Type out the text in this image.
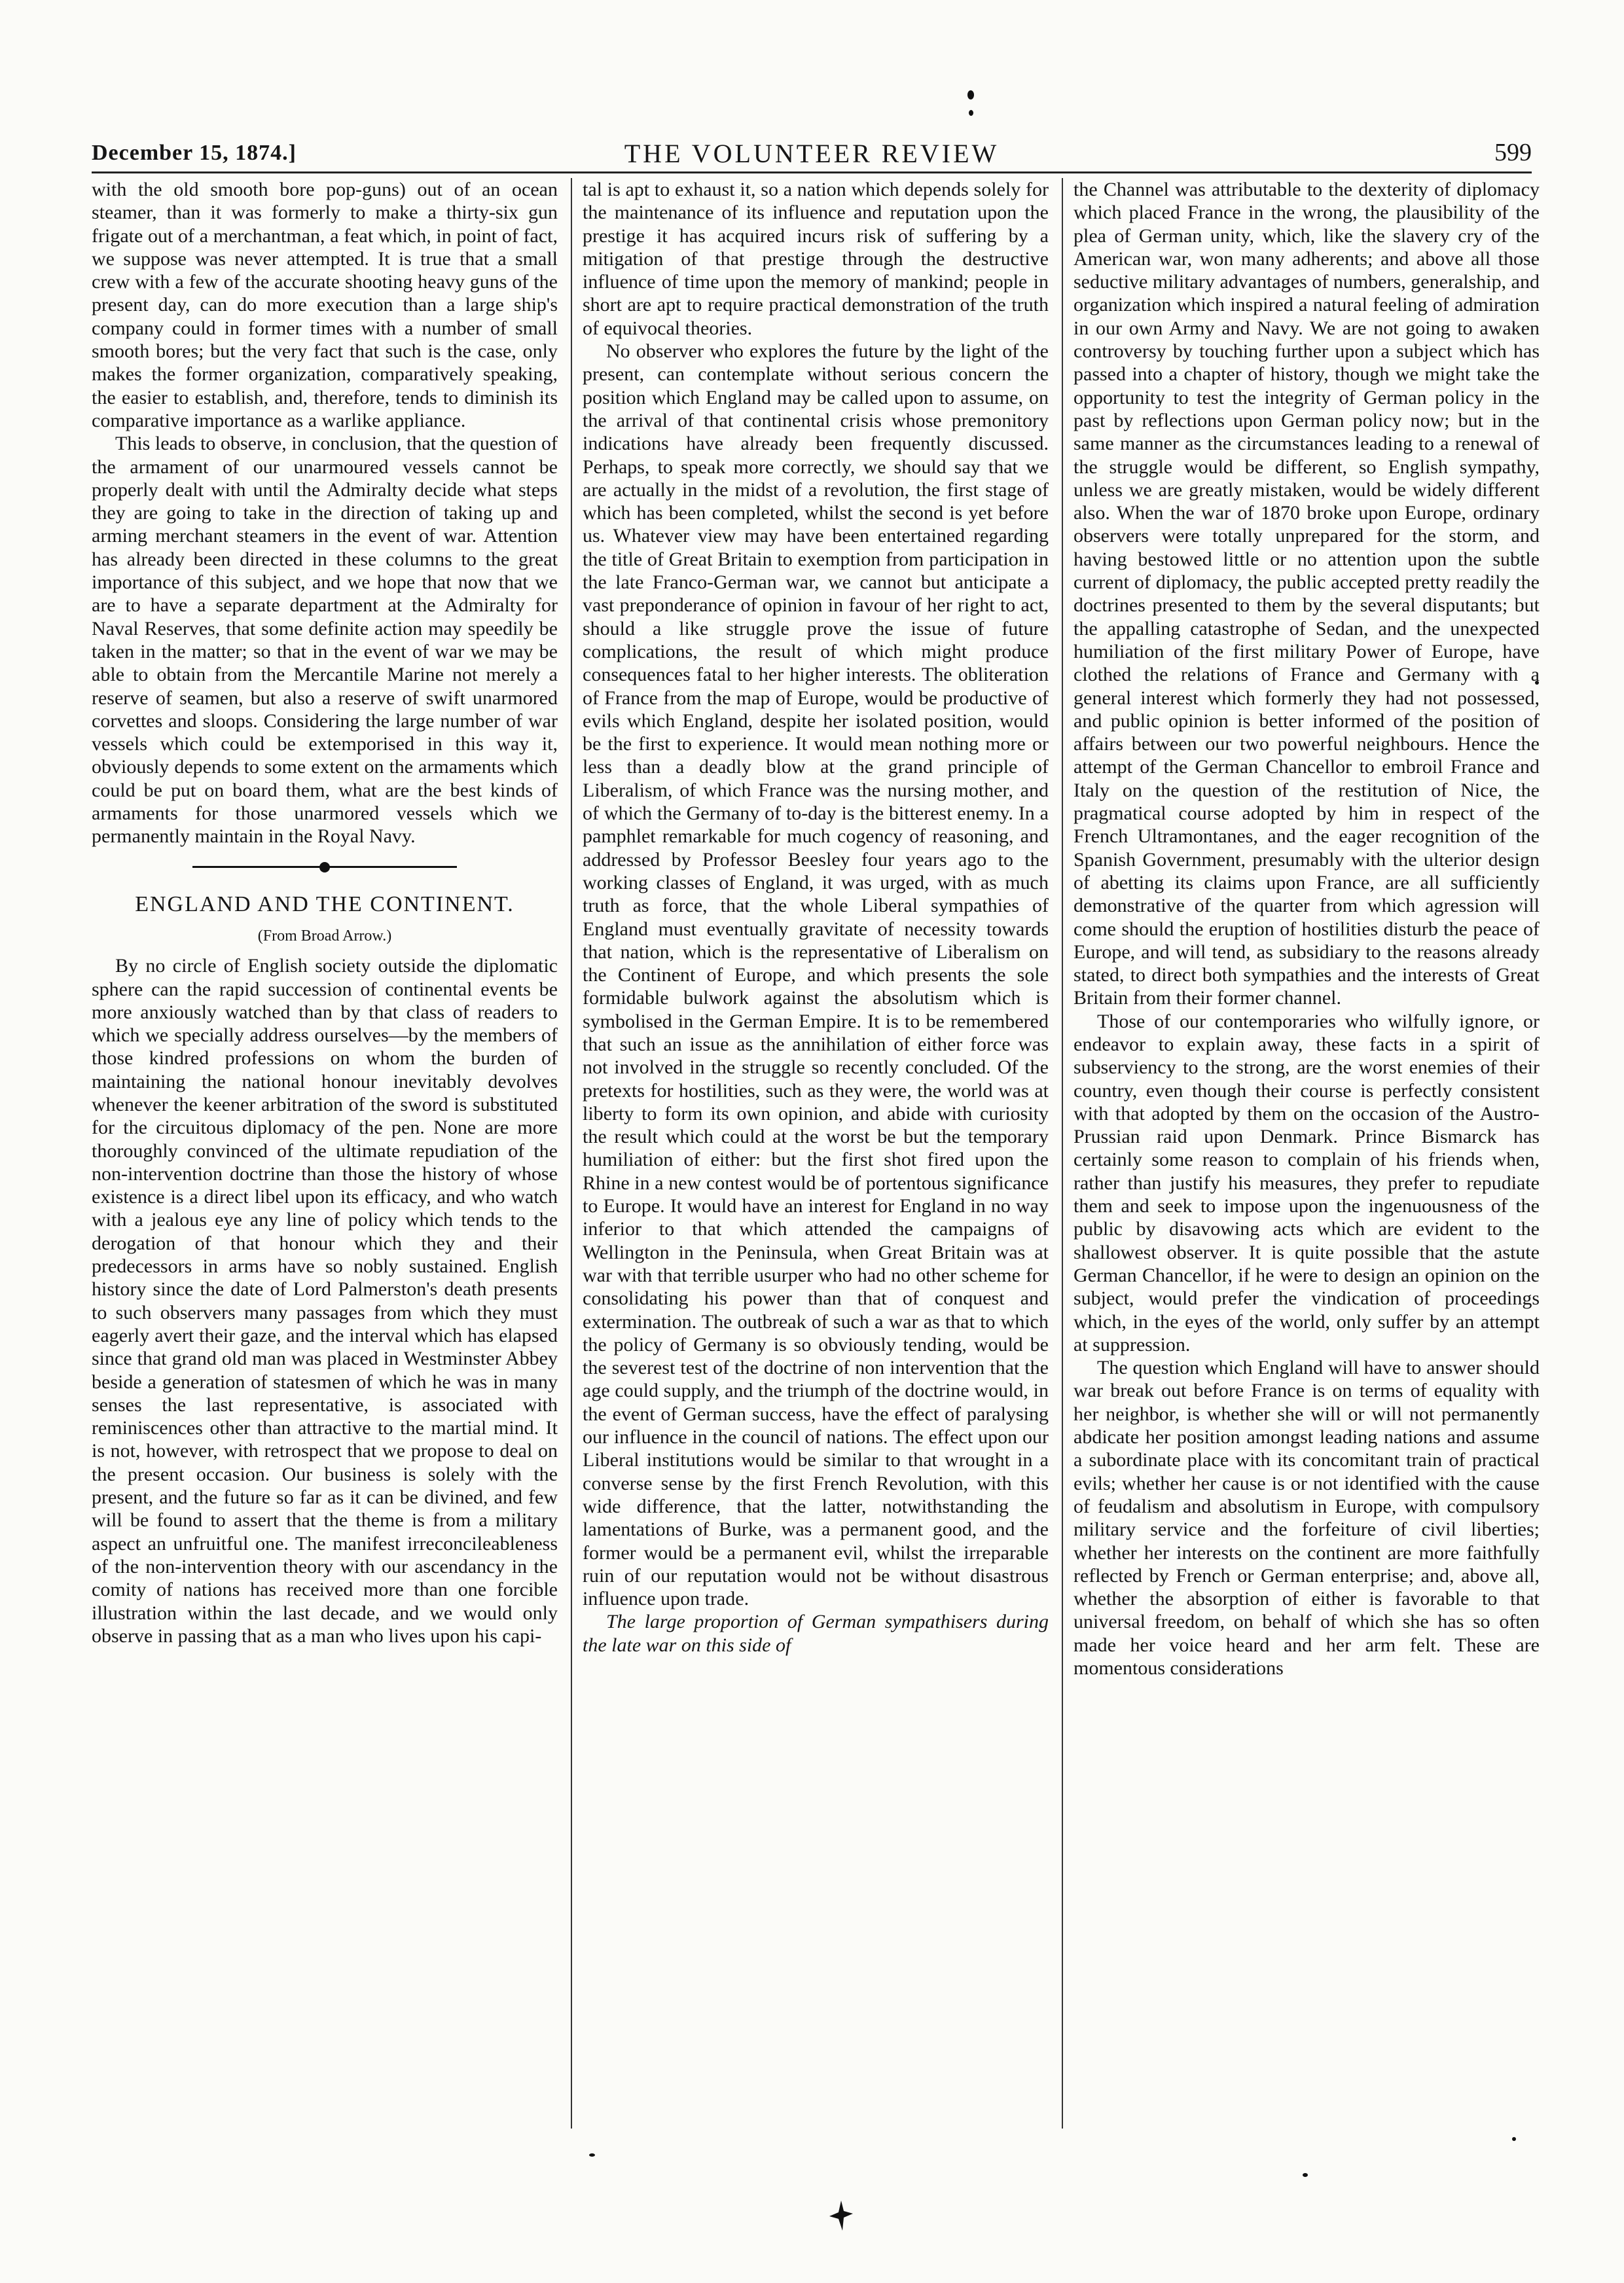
December 15, 1874.]	THE VOLUNTEER REVIEW	599

with the old smooth bore pop-guns) out of an ocean steamer, than it was formerly to make a thirty-six gun frigate out of a merchantman, a feat which, in point of fact, we suppose was never attempted. It is true that a small crew with a few of the accurate shooting heavy guns of the present day, can do more execution than a large ship's company could in former times with a number of small smooth bores; but the very fact that such is the case, only makes the former organization, comparatively speaking, the easier to establish, and, therefore, tends to diminish its comparative importance as a warlike appliance.

This leads to observe, in conclusion, that the question of the armament of our unarmoured vessels cannot be properly dealt with until the Admiralty decide what steps they are going to take in the direction of taking up and arming merchant steamers in the event of war. Attention has already been directed in these columns to the great importance of this subject, and we hope that now that we are to have a separate department at the Admiralty for Naval Reserves, that some definite action may speedily be taken in the matter; so that in the event of war we may be able to obtain from the Mercantile Marine not merely a reserve of seamen, but also a reserve of swift unarmored corvettes and sloops. Considering the large number of war vessels which could be extemporised in this way it, obviously depends to some extent on the armaments which could be put on board them, what are the best kinds of armaments for those unarmored vessels which we permanently maintain in the Royal Navy.

ENGLAND AND THE CONTINENT.
(From Broad Arrow.)

By no circle of English society outside the diplomatic sphere can the rapid succession of continental events be more anxiously watched than by that class of readers to which we specially address ourselves—by the members of those kindred professions on whom the burden of maintaining the national honour inevitably devolves whenever the keener arbitration of the sword is substituted for the circuitous diplomacy of the pen. None are more thoroughly convinced of the ultimate repudiation of the non-intervention doctrine than those the history of whose existence is a direct libel upon its efficacy, and who watch with a jealous eye any line of policy which tends to the derogation of that honour which they and their predecessors in arms have so nobly sustained. English history since the date of Lord Palmerston's death presents to such observers many passages from which they must eagerly avert their gaze, and the interval which has elapsed since that grand old man was placed in Westminster Abbey beside a generation of statesmen of which he was in many senses the last representative, is associated with reminiscences other than attractive to the martial mind. It is not, however, with retrospect that we propose to deal on the present occasion. Our business is solely with the present, and the future so far as it can be divined, and few will be found to assert that the theme is from a military aspect an unfruitful one. The manifest irreconcileableness of the non-intervention theory with our ascendancy in the comity of nations has received more than one forcible illustration within the last decade, and we would only observe in passing that as a man who lives upon his capi-

tal is apt to exhaust it, so a nation which depends solely for the maintenance of its influence and reputation upon the prestige it has acquired incurs risk of suffering by a mitigation of that prestige through the destructive influence of time upon the memory of mankind; people in short are apt to require practical demonstration of the truth of equivocal theories.

No observer who explores the future by the light of the present, can contemplate without serious concern the position which England may be called upon to assume, on the arrival of that continental crisis whose premonitory indications have already been frequently discussed. Perhaps, to speak more correctly, we should say that we are actually in the midst of a revolution, the first stage of which has been completed, whilst the second is yet before us. Whatever view may have been entertained regarding the title of Great Britain to exemption from participation in the late Franco-German war, we cannot but anticipate a vast preponderance of opinion in favour of her right to act, should a like struggle prove the issue of future complications, the result of which might produce consequences fatal to her higher interests. The obliteration of France from the map of Europe, would be productive of evils which England, despite her isolated position, would be the first to experience. It would mean nothing more or less than a deadly blow at the grand principle of Liberalism, of which France was the nursing mother, and of which the Germany of to-day is the bitterest enemy. In a pamphlet remarkable for much cogency of reasoning, and addressed by Professor Beesley four years ago to the working classes of England, it was urged, with as much truth as force, that the whole Liberal sympathies of England must eventually gravitate of necessity towards that nation, which is the representative of Liberalism on the Continent of Europe, and which presents the sole formidable bulwork against the absolutism which is symbolised in the German Empire. It is to be remembered that such an issue as the annihilation of either force was not involved in the struggle so recently concluded. Of the pretexts for hostilities, such as they were, the world was at liberty to form its own opinion, and abide with curiosity the result which could at the worst be but the temporary humiliation of either: but the first shot fired upon the Rhine in a new contest would be of portentous significance to Europe. It would have an interest for England in no way inferior to that which attended the campaigns of Wellington in the Peninsula, when Great Britain was at war with that terrible usurper who had no other scheme for consolidating his power than that of conquest and extermination. The outbreak of such a war as that to which the policy of Germany is so obviously tending, would be the severest test of the doctrine of non intervention that the age could supply, and the triumph of the doctrine would, in the event of German success, have the effect of paralysing our influence in the council of nations. The effect upon our Liberal institutions would be similar to that wrought in a converse sense by the first French Revolution, with this wide difference, that the latter, notwithstanding the lamentations of Burke, was a permanent good, and the former would be a permanent evil, whilst the irreparable ruin of our reputation would not be without disastrous influence upon trade.

The large proportion of German sympathisers during the late war on this side of

the Channel was attributable to the dexterity of diplomacy which placed France in the wrong, the plausibility of the plea of German unity, which, like the slavery cry of the American war, won many adherents; and above all those seductive military advantages of numbers, generalship, and organization which inspired a natural feeling of admiration in our own Army and Navy. We are not going to awaken controversy by touching further upon a subject which has passed into a chapter of history, though we might take the opportunity to test the integrity of German policy in the past by reflections upon German policy now; but in the same manner as the circumstances leading to a renewal of the struggle would be different, so English sympathy, unless we are greatly mistaken, would be widely different also. When the war of 1870 broke upon Europe, ordinary observers were totally unprepared for the storm, and having bestowed little or no attention upon the subtle current of diplomacy, the public accepted pretty readily the doctrines presented to them by the several disputants; but the appalling catastrophe of Sedan, and the unexpected humiliation of the first military Power of Europe, have clothed the relations of France and Germany with a general interest which formerly they had not possessed, and public opinion is better informed of the position of affairs between our two powerful neighbours. Hence the attempt of the German Chancellor to embroil France and Italy on the question of the restitution of Nice, the pragmatical course adopted by him in respect of the French Ultramontanes, and the eager recognition of the Spanish Government, presumably with the ulterior design of abetting its claims upon France, are all sufficiently demonstrative of the quarter from which agression will come should the eruption of hostilities disturb the peace of Europe, and will tend, as subsidiary to the reasons already stated, to direct both sympathies and the interests of Great Britain from their former channel.

Those of our contemporaries who wilfully ignore, or endeavor to explain away, these facts in a spirit of subserviency to the strong, are the worst enemies of their country, even though their course is perfectly consistent with that adopted by them on the occasion of the Austro-Prussian raid upon Denmark. Prince Bismarck has certainly some reason to complain of his friends when, rather than justify his measures, they prefer to repudiate them and seek to impose upon the ingenuousness of the public by disavowing acts which are evident to the shallowest observer. It is quite possible that the astute German Chancellor, if he were to design an opinion on the subject, would prefer the vindication of proceedings which, in the eyes of the world, only suffer by an attempt at suppression.

The question which England will have to answer should war break out before France is on terms of equality with her neighbor, is whether she will or will not permanently abdicate her position amongst leading nations and assume a subordinate place with its concomitant train of practical evils; whether her cause is or not identified with the cause of feudalism and absolutism in Europe, with compulsory military service and the forfeiture of civil liberties; whether her interests on the continent are more faithfully reflected by French or German enterprise; and, above all, whether the absorption of either is favorable to that universal freedom, on behalf of which she has so often made her voice heard and her arm felt. These are momentous considerations
